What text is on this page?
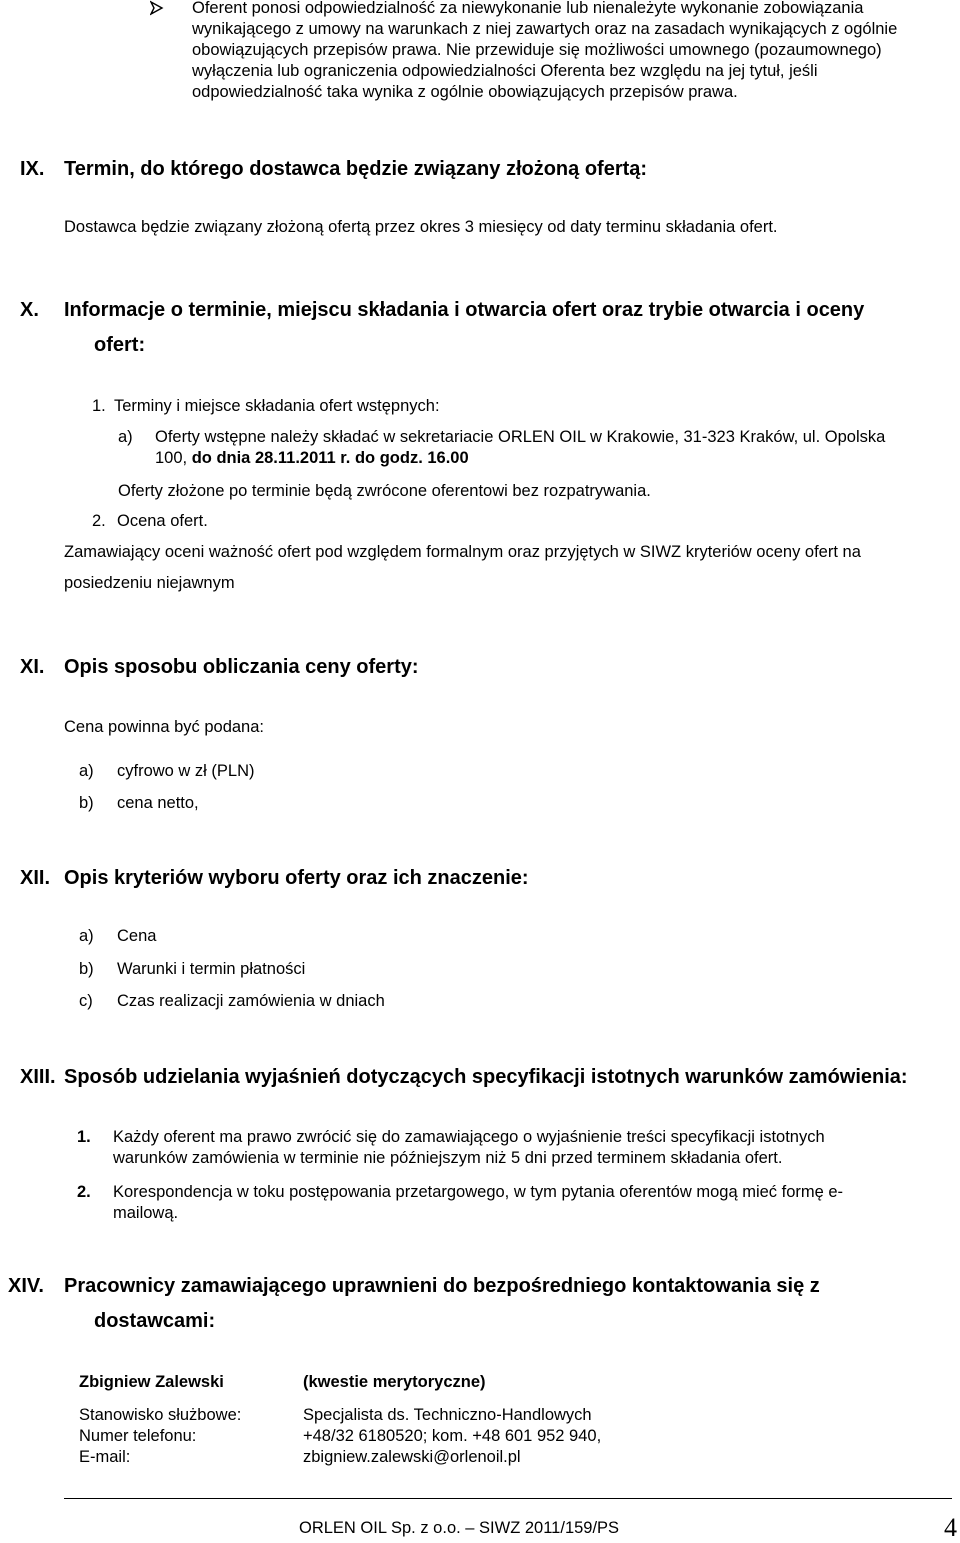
Oferent ponosi odpowiedzialność za niewykonanie lub nienależyte wykonanie zobowiązania
wynikającego z umowy na warunkach z niej zawartych oraz na zasadach wynikających z ogólnie
obowiązujących przepisów prawa. Nie przewiduje się możliwości umownego (pozaumownego)
wyłączenia lub ograniczenia odpowiedzialności Oferenta bez względu na jej tytuł, jeśli
odpowiedzialność taka wynika z ogólnie obowiązujących przepisów prawa.
IX. Termin, do którego dostawca będzie związany złożoną ofertą:
Dostawca będzie związany złożoną ofertą przez okres 3 miesięcy od daty terminu składania ofert.
X. Informacje o terminie, miejscu składania i otwarcia ofert oraz trybie otwarcia i oceny
ofert:
1. Terminy i miejsce składania ofert wstępnych:
a) Oferty wstępne należy składać w sekretariacie ORLEN OIL w Krakowie, 31-323 Kraków, ul. Opolska
100, do dnia 28.11.2011 r. do godz. 16.00
Oferty złożone po terminie będą zwrócone oferentowi bez rozpatrywania.
2. Ocena ofert.
Zamawiający oceni ważność ofert pod względem formalnym oraz przyjętych w SIWZ kryteriów oceny ofert na
posiedzeniu niejawnym
XI. Opis sposobu obliczania ceny oferty:
Cena powinna być podana:
a) cyfrowo w zł (PLN)
b) cena netto,
XII. Opis kryteriów wyboru oferty oraz ich znaczenie:
a) Cena
b) Warunki i termin płatności
c) Czas realizacji zamówienia w dniach
XIII. Sposób udzielania wyjaśnień dotyczących specyfikacji istotnych warunków zamówienia:
1. Każdy oferent ma prawo zwrócić się do zamawiającego o wyjaśnienie treści specyfikacji istotnych
warunków zamówienia w terminie nie późniejszym niż 5 dni przed terminem składania ofert.
2. Korespondencja w toku postępowania przetargowego, w tym pytania oferentów mogą mieć formę e-
mailową.
XIV. Pracownicy zamawiającego uprawnieni do bezpośredniego kontaktowania się z
dostawcami:
Zbigniew Zalewski	(kwestie merytoryczne)
Stanowisko służbowe:	Specjalista ds. Techniczno-Handlowych
Numer telefonu:	+48/32 6180520; kom. +48 601 952 940,
E-mail:	zbigniew.zalewski@orlenoil.pl
ORLEN OIL Sp. z o.o. – SIWZ 2011/159/PS	4
